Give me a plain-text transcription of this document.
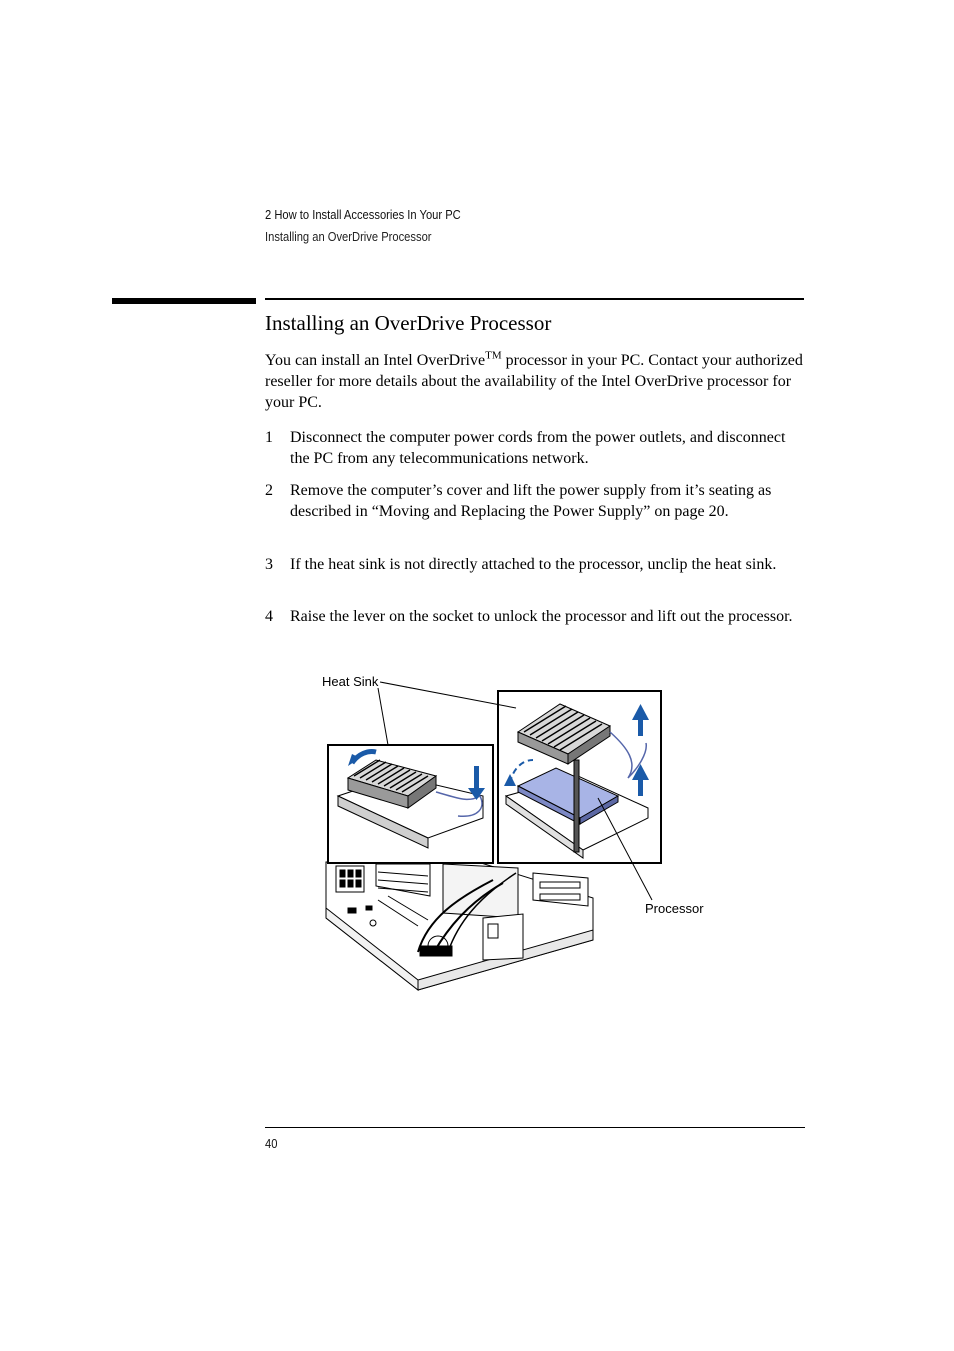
2 How to Install Accessories In Your PC
Installing an OverDrive Processor
Installing an OverDrive Processor

You can install an Intel OverDrive™ processor in your PC. Contact your authorized reseller for more details about the availability of the Intel OverDrive processor for your PC.

1 Disconnect the computer power cords from the power outlets, and disconnect the PC from any telecommunications network.
2 Remove the computer’s cover and lift the power supply from it’s seating as described in “Moving and Replacing the Power Supply” on page 20.
3 If the heat sink is not directly attached to the processor, unclip the heat sink.
4 Raise the lever on the socket to unlock the processor and lift out the processor.
Heat Sink
Processor
40
